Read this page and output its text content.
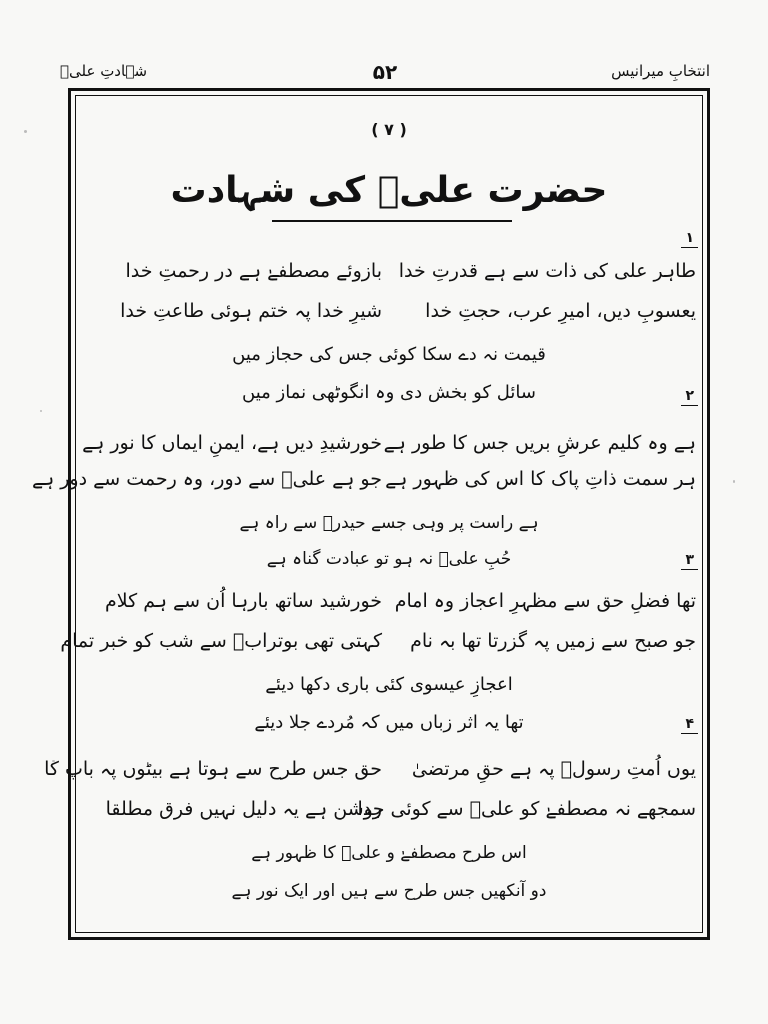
انتخابِ میرانیس
۵۲
شہادتِ علیؑ
( ۷ )
حضرت علیؑ کی شہادت
۱
طاہر علی کی ذات سے ہے قدرتِ خدا
بازوئے مصطفےٰ ہے در رحمتِ خدا
یعسوبِ دیں، امیرِ عرب، حجتِ خدا
شیرِ خدا پہ ختم ہوئی طاعتِ خدا
قیمت نہ دے سکا کوئی جس کی حجاز میں
سائل کو بخش دی وہ انگوٹھی نماز میں	۲
ہے وہ کلیم عرشِ بریں جس کا طور ہے
خورشیدِ دیں ہے، ایمنِ ایماں کا نور ہے
ہر سمت ذاتِ پاک کا اس کی ظہور ہے
جو ہے علیؑ سے دور، وہ رحمت سے دور ہے
ہے راست پر وہی جسے حیدرؑ سے راہ ہے
حُبِ علیؑ نہ ہو تو عبادت گناہ ہے	۳
تھا فضلِ حق سے مظہرِ اعجاز وہ امام
خورشید ساتھ بارہا اُن سے ہم کلام
جو صبح سے زمیں پہ گزرتا تھا بہ نام
کہتی تھی بوترابؑ سے شب کو خبر تمام
اعجازِ عیسوی کئی باری دکھا دیئے
تھا یہ اثر زباں میں کہ مُردے جلا دیئے	۴
یوں اُمتِ رسولؐ پہ ہے حقِ مرتضیٰ
حق جس طرح سے ہوتا ہے بیٹوں پہ باپ کا
سمجھے نہ مصطفےٰ کو علیؑ سے کوئی جدا
روشن ہے یہ دلیل نہیں فرق مطلقا
اس طرح مصطفےٰ و علیؑ کا ظہور ہے
دو آنکھیں جس طرح سے ہیں اور ایک نور ہے
